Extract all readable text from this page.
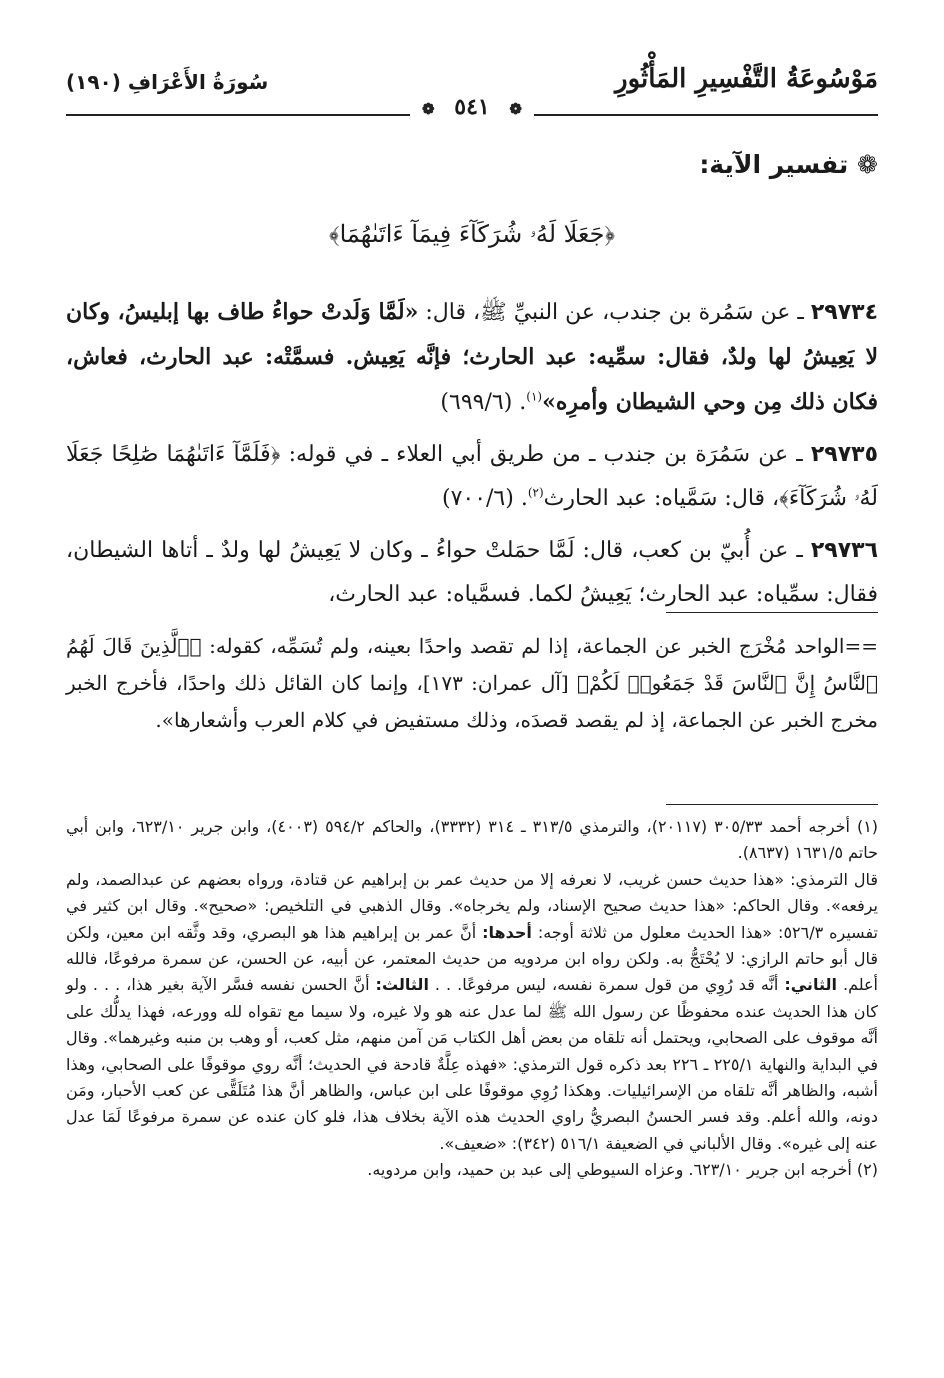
سُورَةُ الأَعْرَافِ (١٩٠)	مَوْسُوعَةُ التَّفْسِيرِ المَأْثُورِ
❁ ٥٤١ ❁
❁ تفسير الآية:
﴿جَعَلَا لَهُۥ شُرَكَآءَ فِيمَآ ءَاتَىٰهُمَا﴾

٢٩٧٣٤ ـ عن سَمُرة بن جندب، عن النبيِّ ﷺ، قال: «لَمَّا وَلَدتْ حواءُ طاف بها إبليسُ، وكان لا يَعِيشُ لها ولدٌ، فقال: سمِّيه: عبد الحارث؛ فإنَّه يَعِيش. فسمَّتْه: عبد الحارث، فعاش، فكان ذلك مِن وحي الشيطان وأمرِه»$^{(١)}$. (٦٩٩/٦)

٢٩٧٣٥ ـ عن سَمُرَة بن جندب ـ من طريق أبي العلاء ـ في قوله: ﴿فَلَمَّآ ءَاتَىٰهُمَا صَٰلِحًا جَعَلَا لَهُۥ شُرَكَآءَ﴾، قال: سَمَّياه: عبد الحارث$^{(٢)}$. (٧٠٠/٦)

٢٩٧٣٦ ـ عن أُبيّ بن كعب، قال: لَمَّا حمَلتْ حواءُ ـ وكان لا يَعِيشُ لها ولدٌ ـ أتاها الشيطان، فقال: سمِّياه: عبد الحارث؛ يَعِيشُ لكما. فسمَّياه: عبد الحارث،

==الواحد مُخْرَج الخبر عن الجماعة، إذا لم تقصد واحدًا بعينه، ولم تُسَمِّه، كقوله: ﴿ٱلَّذِينَ قَالَ لَهُمُ ٱلنَّاسُ إِنَّ ٱلنَّاسَ قَدْ جَمَعُوا۟ لَكُمْ﴾ [آل عمران: ١٧٣]، وإنما كان القائل ذلك واحدًا، فأخرج الخبر مخرج الخبر عن الجماعة، إذ لم يقصد قصدَه، وذلك مستفيض في كلام العرب وأشعارها».

(١) أخرجه أحمد ٣٠٥/٣٣ (٢٠١١٧)، والترمذي ٣١٣/٥ ـ ٣١٤ (٣٣٣٢)، والحاكم ٥٩٤/٢ (٤٠٠٣)، وابن جرير ٦٢٣/١٠، وابن أبي حاتم ١٦٣١/٥ (٨٦٣٧).

قال الترمذي: «هذا حديث حسن غريب، لا نعرفه إلا من حديث عمر بن إبراهيم عن قتادة، ورواه بعضهم عن عبدالصمد، ولم يرفعه». وقال الحاكم: «هذا حديث صحيح الإسناد، ولم يخرجاه». وقال الذهبي في التلخيص: «صحيح». وقال ابن كثير في تفسيره ٥٢٦/٣: «هذا الحديث معلول من ثلاثة أوجه: أحدها: أنَّ عمر بن إبراهيم هذا هو البصري، وقد وثَّقه ابن معين، ولكن قال أبو حاتم الرازي: لا يُحْتَجُّ به. ولكن رواه ابن مردويه من حديث المعتمر، عن أبيه، عن الحسن، عن سمرة مرفوعًا، فالله أعلم. الثاني: أنَّه قد رُوِي من قول سمرة نفسه، ليس مرفوعًا. . . الثالث: أنَّ الحسن نفسه فسَّر الآية بغير هذا، . . . ولو كان هذا الحديث عنده محفوظًا عن رسول الله ﷺ لما عدل عنه هو ولا غيره، ولا سيما مع تقواه لله وورعه، فهذا يدلُّك على أنَّه موقوف على الصحابي، ويحتمل أنه تلقاه من بعض أهل الكتاب مَن آمن منهم، مثل كعب، أو وهب بن منبه وغيرهما». وقال في البداية والنهاية ٢٢٥/١ ـ ٢٢٦ بعد ذكره قول الترمذي: «فهذه عِلَّةٌ قادحة في الحديث؛ أنَّه روي موقوفًا على الصحابي، وهذا أشبه، والظاهر أنَّه تلقاه من الإسرائيليات. وهكذا رُوِي موقوفًا على ابن عباس، والظاهر أنَّ هذا مُتَلَقًّى عن كعب الأحبار، ومَن دونه، والله أعلم. وقد فسر الحسنُ البصريُّ راوي الحديث هذه الآية بخلاف هذا، فلو كان عنده عن سمرة مرفوعًا لَمَا عدل عنه إلى غيره». وقال الألباني في الضعيفة ٥١٦/١ (٣٤٢): «ضعيف».

(٢) أخرجه ابن جرير ٦٢٣/١٠. وعزاه السيوطي إلى عبد بن حميد، وابن مردويه.
